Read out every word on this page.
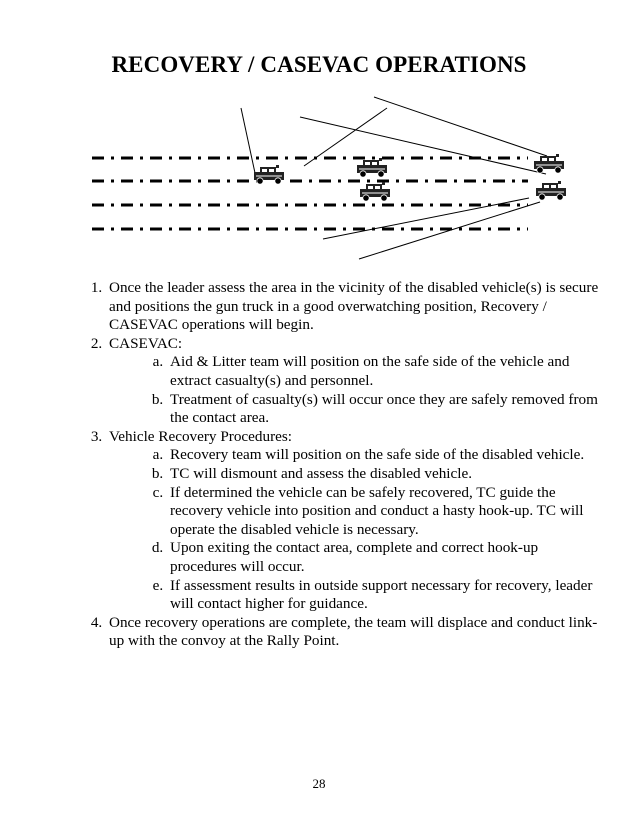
RECOVERY / CASEVAC OPERATIONS
1. Once the leader assess the area in the vicinity of the disabled vehicle(s) is secure and positions the gun truck in a good overwatching position, Recovery / CASEVAC operations will begin.
2. CASEVAC:
a. Aid & Litter team will position on the safe side of the vehicle and extract casualty(s) and personnel.
b. Treatment of casualty(s) will occur once they are safely removed from the contact area.
3. Vehicle Recovery Procedures:
a. Recovery team will position on the safe side of the disabled vehicle.
b. TC will dismount and assess the disabled vehicle.
c. If determined the vehicle can be safely recovered, TC guide the recovery vehicle into position and conduct a hasty hook-up. TC will operate the disabled vehicle is necessary.
d. Upon exiting the contact area, complete and correct hook-up procedures will occur.
e. If assessment results in outside support necessary for recovery, leader will contact higher for guidance.
4. Once recovery operations are complete, the team will displace and conduct link-up with the convoy at the Rally Point.
28
